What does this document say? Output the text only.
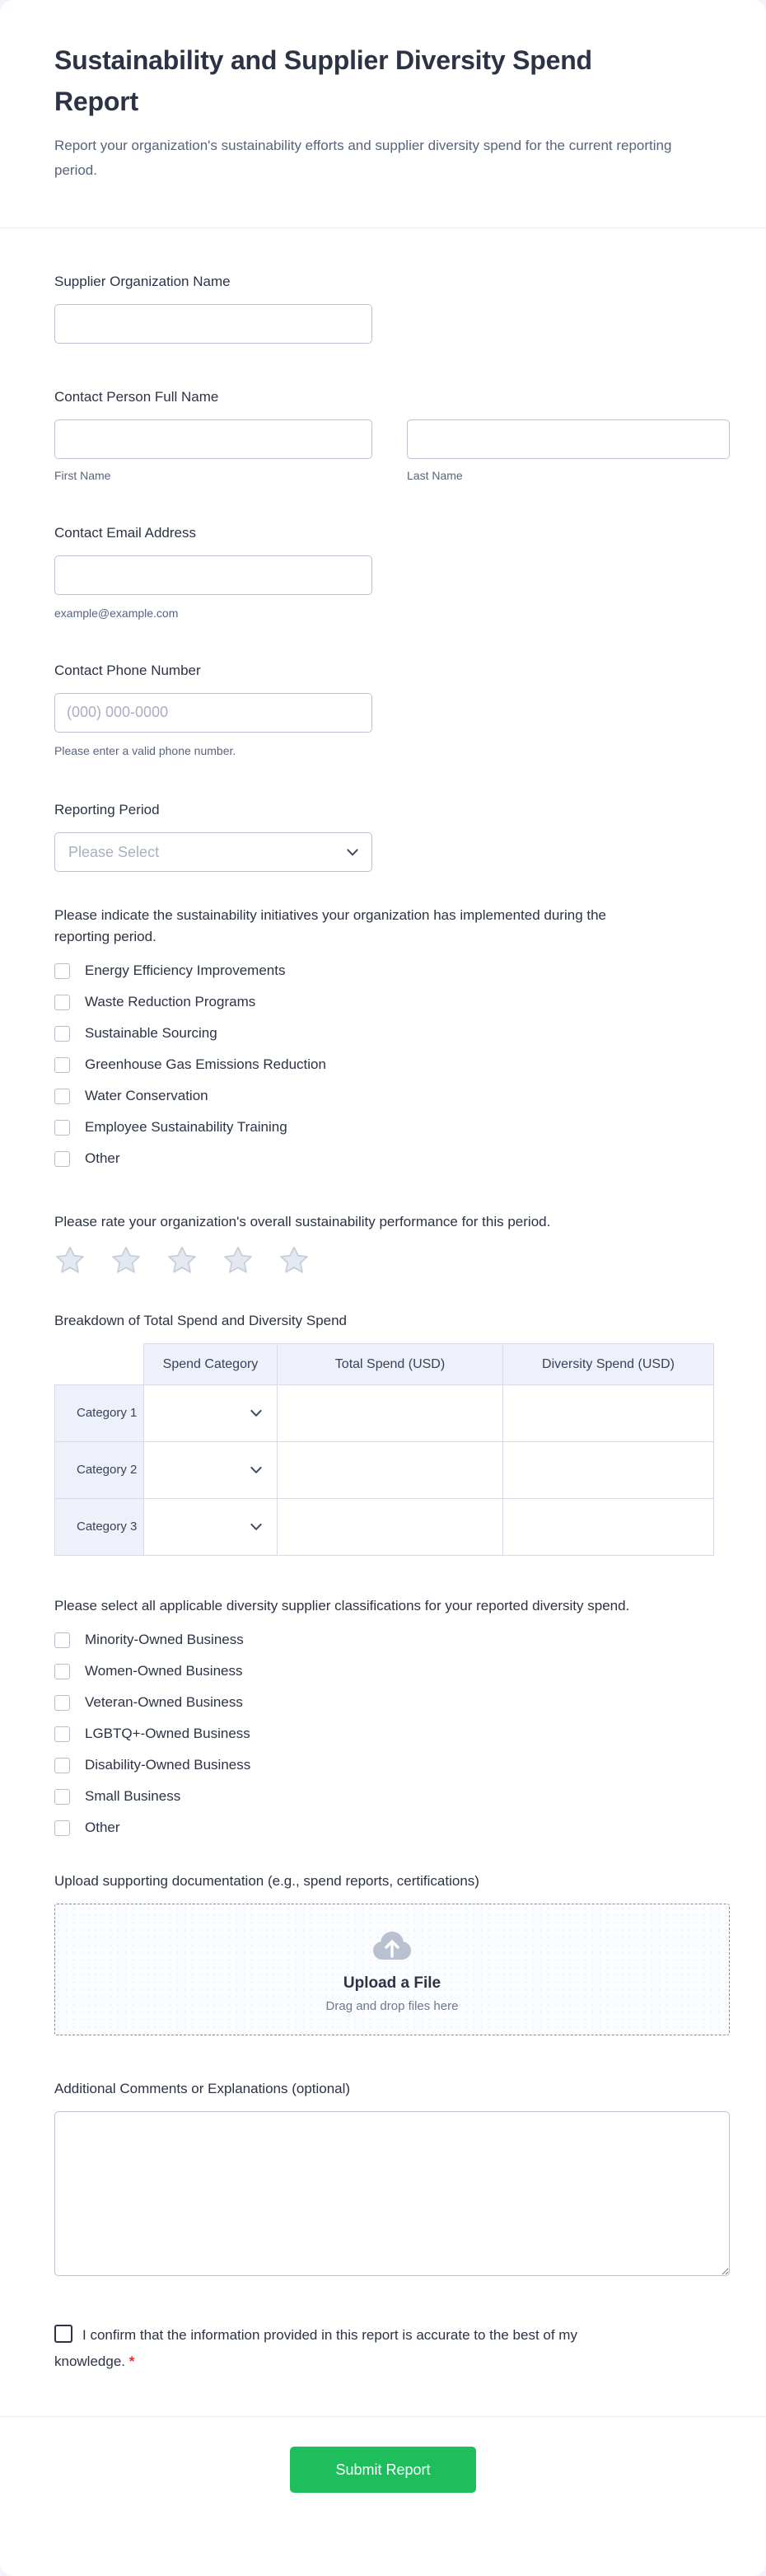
Sustainability and Supplier Diversity Spend Report

Report your organization's sustainability efforts and supplier diversity spend for the current reporting period.

Supplier Organization Name
Contact Person Full Name
First Name	Last Name
Contact Email Address
example@example.com
Contact Phone Number
(000) 000-0000
Please enter a valid phone number.
Reporting Period
Please Select
Please indicate the sustainability initiatives your organization has implemented during the reporting period.
Energy Efficiency Improvements
Waste Reduction Programs
Sustainable Sourcing
Greenhouse Gas Emissions Reduction
Water Conservation
Employee Sustainability Training
Other
Please rate your organization's overall sustainability performance for this period.
Breakdown of Total Spend and Diversity Spend
	Spend Category	Total Spend (USD)	Diversity Spend (USD)
Category 1	

Category 2	

Category 3	

Please select all applicable diversity supplier classifications for your reported diversity spend.
Minority-Owned Business
Women-Owned Business
Veteran-Owned Business
LGBTQ+-Owned Business
Disability-Owned Business
Small Business
Other
Upload supporting documentation (e.g., spend reports, certifications)
Upload a File
Drag and drop files here
Additional Comments or Explanations (optional)
I confirm that the information provided in this report is accurate to the best of my knowledge. *
Submit Report
